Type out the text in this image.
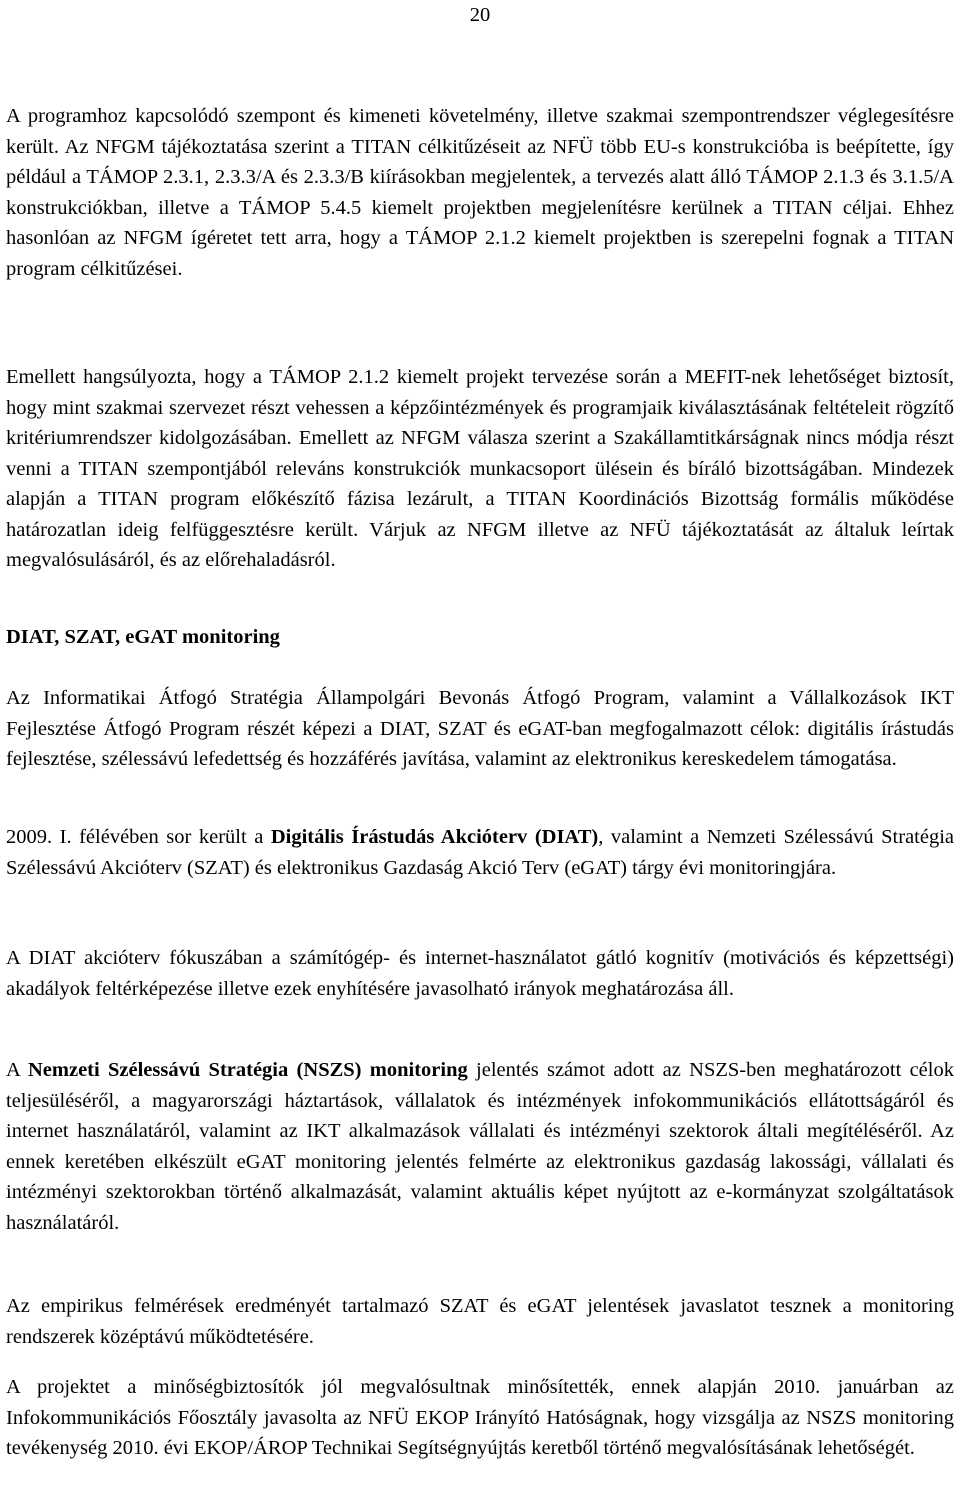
20

A programhoz kapcsolódó szempont és kimeneti követelmény, illetve szakmai szempontrendszer véglegesítésre került. Az NFGM tájékoztatása szerint a TITAN célkitűzéseit az NFÜ több EU-s konstrukcióba is beépítette, így például a TÁMOP 2.3.1, 2.3.3/A és 2.3.3/B kiírásokban megjelentek, a tervezés alatt álló TÁMOP 2.1.3 és 3.1.5/A konstrukciókban, illetve a TÁMOP 5.4.5 kiemelt projektben megjelenítésre kerülnek a TITAN céljai. Ehhez hasonlóan az NFGM ígéretet tett arra, hogy a TÁMOP 2.1.2 kiemelt projektben is szerepelni fognak a TITAN program célkitűzései.

Emellett hangsúlyozta, hogy a TÁMOP 2.1.2 kiemelt projekt tervezése során a MEFIT-nek lehetőséget biztosít, hogy mint szakmai szervezet részt vehessen a képzőintézmények és programjaik kiválasztásának feltételeit rögzítő kritériumrendszer kidolgozásában. Emellett az NFGM válasza szerint a Szakállamtitkárságnak nincs módja részt venni a TITAN szempontjából releváns konstrukciók munkacsoport ülésein és bíráló bizottságában. Mindezek alapján a TITAN program előkészítő fázisa lezárult, a TITAN Koordinációs Bizottság formális működése határozatlan ideig felfüggesztésre került. Várjuk az NFGM illetve az NFÜ tájékoztatását az általuk leírtak megvalósulásáról, és az előrehaladásról.

DIAT, SZAT, eGAT monitoring

Az Informatikai Átfogó Stratégia Állampolgári Bevonás Átfogó Program, valamint a Vállalkozások IKT Fejlesztése Átfogó Program részét képezi a DIAT, SZAT és eGAT-ban megfogalmazott célok: digitális írástudás fejlesztése, szélessávú lefedettség és hozzáférés javítása, valamint az elektronikus kereskedelem támogatása.

2009. I. félévében sor került a Digitális Írástudás Akcióterv (DIAT), valamint a Nemzeti Szélessávú Stratégia Szélessávú Akcióterv (SZAT) és elektronikus Gazdaság Akció Terv (eGAT) tárgy évi monitoringjára.

A DIAT akcióterv fókuszában a számítógép- és internet-használatot gátló kognitív (motivációs és képzettségi) akadályok feltérképezése illetve ezek enyhítésére javasolható irányok meghatározása áll.

A Nemzeti Szélessávú Stratégia (NSZS) monitoring jelentés számot adott az NSZS-ben meghatározott célok teljesüléséről, a magyarországi háztartások, vállalatok és intézmények infokommunikációs ellátottságáról és internet használatáról, valamint az IKT alkalmazások vállalati és intézményi szektorok általi megítéléséről. Az ennek keretében elkészült eGAT monitoring jelentés felmérte az elektronikus gazdaság lakossági, vállalati és intézményi szektorokban történő alkalmazását, valamint aktuális képet nyújtott az e-kormányzat szolgáltatások használatáról.

Az empirikus felmérések eredményét tartalmazó SZAT és eGAT jelentések javaslatot tesznek a monitoring rendszerek középtávú működtetésére.

A projektet a minőségbiztosítók jól megvalósultnak minősítették, ennek alapján 2010. januárban az Infokommunikációs Főosztály javasolta az NFÜ EKOP Irányító Hatóságnak, hogy vizsgálja az NSZS monitoring tevékenység 2010. évi EKOP/ÁROP Technikai Segítségnyújtás keretből történő megvalósításának lehetőségét.
